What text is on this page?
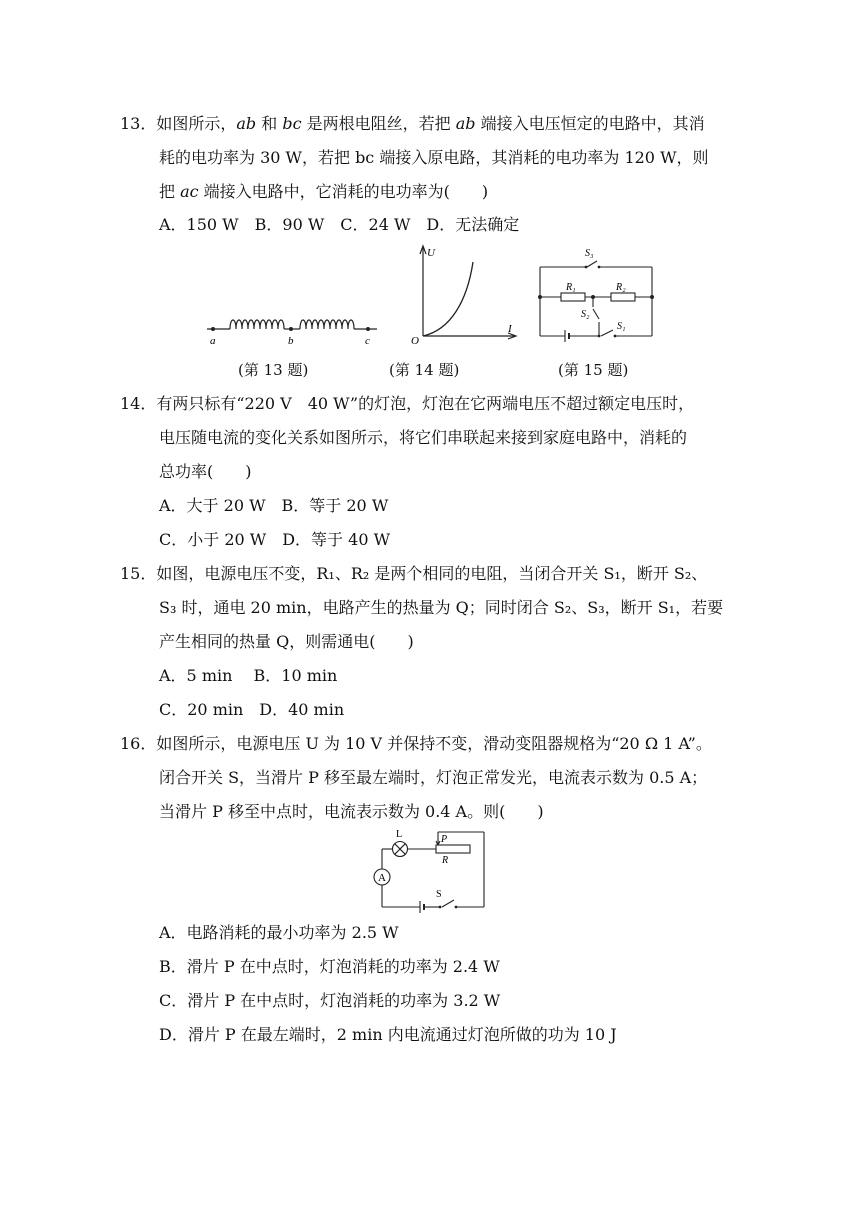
13．如图所示，ab 和 bc 是两根电阻丝，若把 ab 端接入电压恒定的电路中，其消
耗的电功率为 30 W，若把 bc 端接入原电路，其消耗的电功率为 120 W，则
把 ac 端接入电路中，它消耗的电功率为(　　)
A．150 W　B．90 W　C．24 W　D．无法确定
a	b	c
U
I
O
S₃
R₁	R₂
S₂
S₁
(第 13 题)	(第 14 题)	(第 15 题)
14．有两只标有“220 V　40 W”的灯泡，灯泡在它两端电压不超过额定电压时，
电压随电流的变化关系如图所示，将它们串联起来接到家庭电路中，消耗的
总功率(　　)
A．大于 20 W　B．等于 20 W
C．小于 20 W　D．等于 40 W
15．如图，电源电压不变，R₁、R₂ 是两个相同的电阻，当闭合开关 S₁，断开 S₂、
S₃ 时，通电 20 min，电路产生的热量为 Q；同时闭合 S₂、S₃，断开 S₁，若要
产生相同的热量 Q，则需通电(　　)
A．5 min　 B．10 min
C．20 min　D．40 min
16．如图所示，电源电压 U 为 10 V 并保持不变，滑动变阻器规格为“20 Ω 1 A”。
闭合开关 S，当滑片 P 移至最左端时，灯泡正常发光，电流表示数为 0.5 A；
当滑片 P 移至中点时，电流表示数为 0.4 A。则(　　)
A
L
R
P
S
A．电路消耗的最小功率为 2.5 W
B．滑片 P 在中点时，灯泡消耗的功率为 2.4 W
C．滑片 P 在中点时，灯泡消耗的功率为 3.2 W
D．滑片 P 在最左端时，2 min 内电流通过灯泡所做的功为 10 J
